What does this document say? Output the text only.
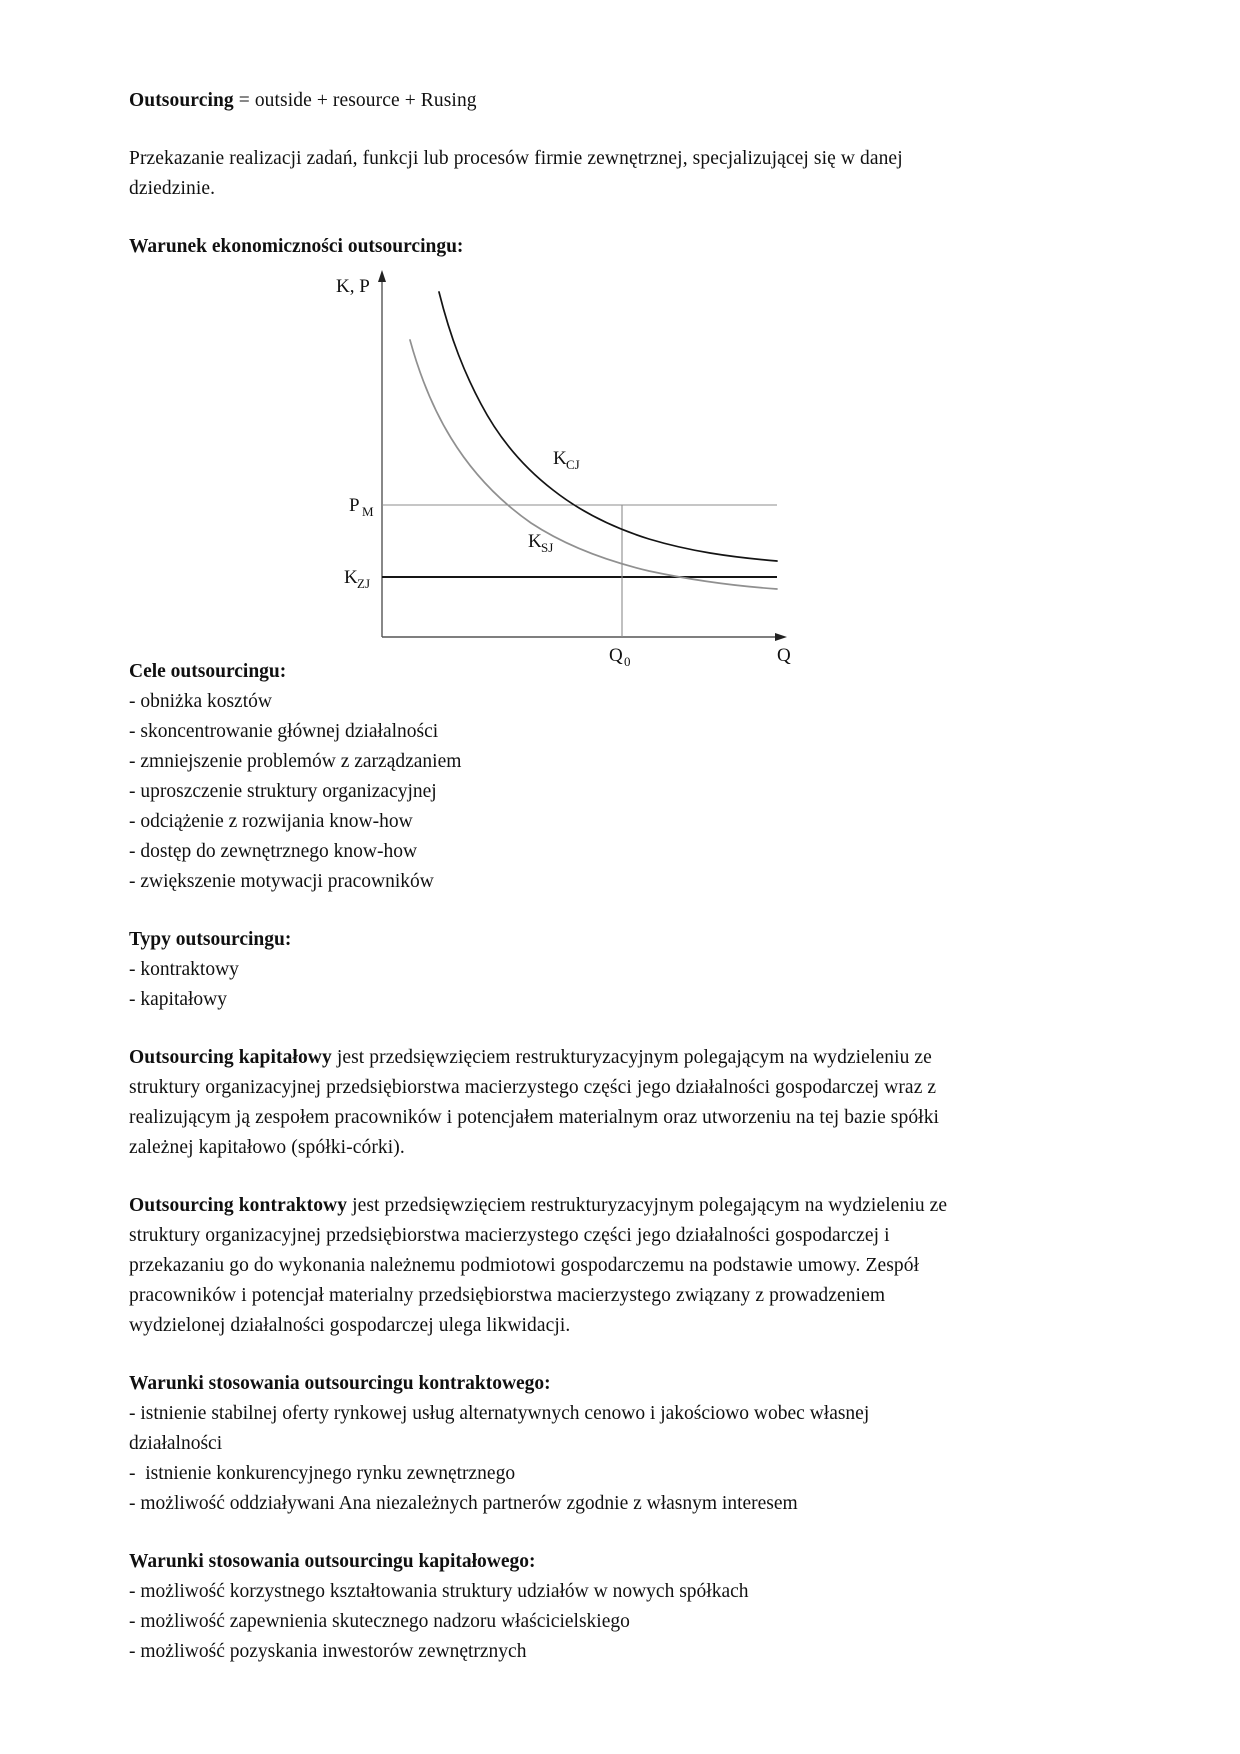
Outsourcing = outside + resource + Rusing

Przekazanie realizacji zadań, funkcji lub procesów firmie zewnętrznej, specjalizującej się w danej dziedzinie.

Warunek ekonomiczności outsourcingu:

K, P
P M
K ZJ
Q 0	Q
K CJ
K SJ

Cele outsourcingu:

- obniżka kosztów
- skoncentrowanie głównej działalności
- zmniejszenie problemów z zarządzaniem
- uproszczenie struktury organizacyjnej
- odciążenie z rozwijania know-how
- dostęp do zewnętrznego know-how
- zwiększenie motywacji pracowników

Typy outsourcingu:

- kontraktowy
- kapitałowy

Outsourcing kapitałowy jest przedsięwzięciem restrukturyzacyjnym polegającym na wydzieleniu ze struktury organizacyjnej przedsiębiorstwa macierzystego części jego działalności gospodarczej wraz z realizującym ją zespołem pracowników i potencjałem materialnym oraz utworzeniu na tej bazie spółki zależnej kapitałowo (spółki-córki).

Outsourcing kontraktowy jest przedsięwzięciem restrukturyzacyjnym polegającym na wydzieleniu ze struktury organizacyjnej przedsiębiorstwa macierzystego części jego działalności gospodarczej i przekazaniu go do wykonania należnemu podmiotowi gospodarczemu na podstawie umowy. Zespół pracowników i potencjał materialny przedsiębiorstwa macierzystego związany z prowadzeniem wydzielonej działalności gospodarczej ulega likwidacji.

Warunki stosowania outsourcingu kontraktowego:

- istnienie stabilnej oferty rynkowej usług alternatywnych cenowo i jakościowo wobec własnej działalności
-  istnienie konkurencyjnego rynku zewnętrznego
- możliwość oddziaływani Ana niezależnych partnerów zgodnie z własnym interesem

Warunki stosowania outsourcingu kapitałowego:

- możliwość korzystnego kształtowania struktury udziałów w nowych spółkach
- możliwość zapewnienia skutecznego nadzoru właścicielskiego
- możliwość pozyskania inwestorów zewnętrznych
